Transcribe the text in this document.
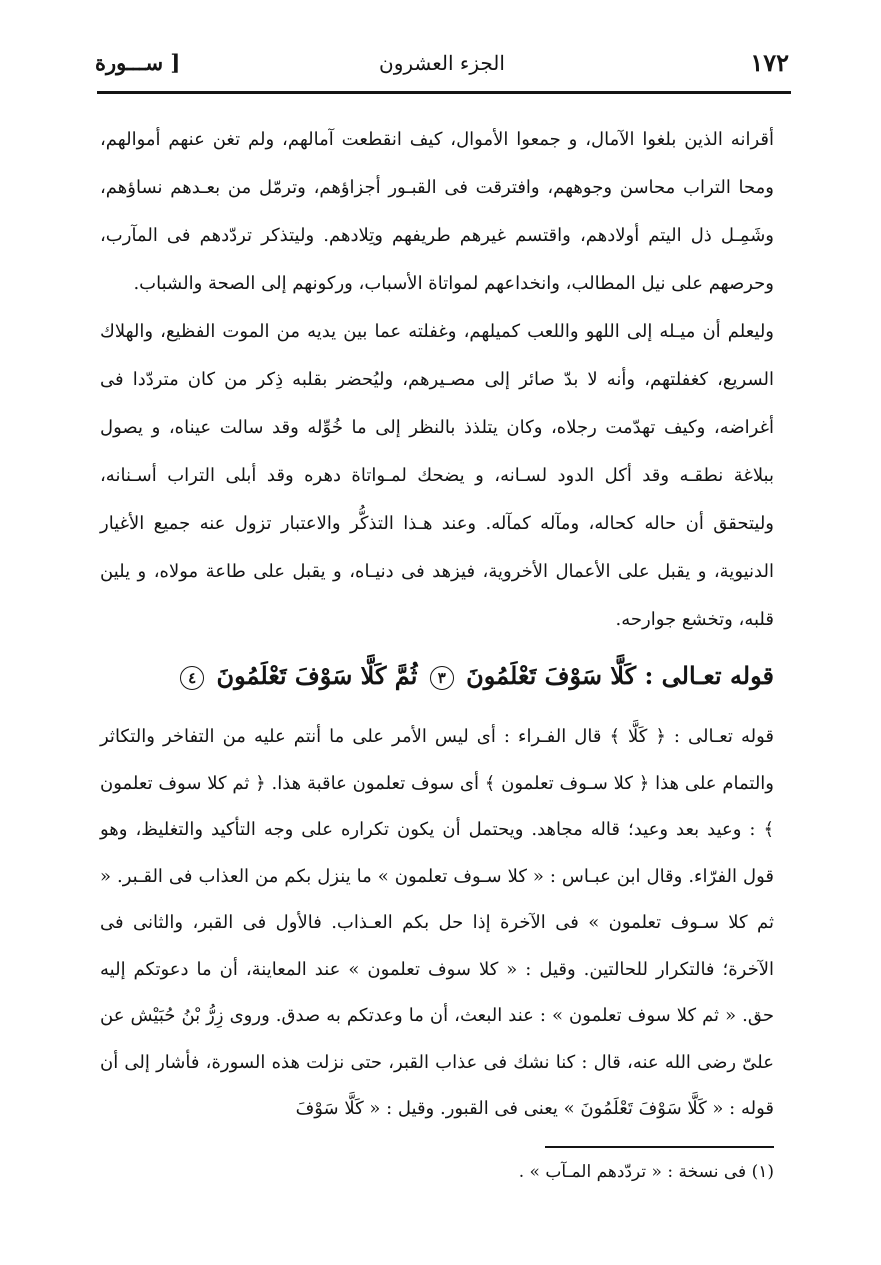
١٧٢
الجزء العشرون
[ ســـورة

أقرانه الذين بلغوا الآمال، و جمعوا الأموال، كيف انقطعت آمالهم، ولم تغن عنهم أموالهم، ومحا التراب محاسن وجوههم، وافترقت فى القبـور أجزاؤهم، وترمّل من بعـدهم نساؤهم، وشَمِـل ذل اليتم أولادهم، واقتسم غيرهم طريفهم وتِلادهم. وليتذكر تردّدهم فى المآرب، وحرصهم على نيل المطالب، وانخداعهم لمواتاة الأسباب، وركونهم إلى الصحة والشباب.

وليعلم أن ميـله إلى اللهو واللعب كميلهم، وغفلته عما بين يديه من الموت الفظيع، والهلاك السريع، كغفلتهم، وأنه لا بدّ صائر إلى مصـيرهم، وليُحضر بقلبه ذِكر من كان متردّدا فى أغراضه، وكيف تهدّمت رجلاه، وكان يتلذذ بالنظر إلى ما خُوِّله وقد سالت عيناه، و يصول ببلاغة نطقـه وقد أكل الدود لسـانه، و يضحك لمـواتاة دهره وقد أبلى التراب أسـنانه، وليتحقق أن حاله كحاله، ومآله كمآله. وعند هـذا التذكُّر والاعتبار تزول عنه جميع الأغيار الدنيوية، و يقبل على الأعمال الأخروية، فيزهد فى دنيـاه، و يقبل على طاعة مولاه، و يلين قلبه، وتخشع جوارحه.

قوله تعـالى : كَلَّا سَوْفَ تَعْلَمُونَ ٣ ثُمَّ كَلَّا سَوْفَ تَعْلَمُونَ ٤

قوله تعـالى : ﴿ كَلَّا ﴾ قال الفـراء : أى ليس الأمر على ما أنتم عليه من التفاخر والتكاثر والتمام على هذا ﴿ كلا سـوف تعلمون ﴾ أى سوف تعلمون عاقبة هذا. ﴿ ثم كلا سوف تعلمون ﴾ : وعيد بعد وعيد؛ قاله مجاهد. ويحتمل أن يكون تكراره على وجه التأكيد والتغليظ، وهو قول الفرّاء. وقال ابن عبـاس : « كلا سـوف تعلمون » ما ينزل بكم من العذاب فى القـبر. « ثم كلا سـوف تعلمون » فى الآخرة إذا حل بكم العـذاب. فالأول فى القبر، والثانى فى الآخرة؛ فالتكرار للحالتين. وقيل : « كلا سوف تعلمون » عند المعاينة، أن ما دعوتكم إليه حق. « ثم كلا سوف تعلمون » : عند البعث، أن ما وعدتكم به صدق. وروى زِرُّ بْنُ حُبَيْش عن علىّ رضى الله عنه، قال : كنا نشك فى عذاب القبر، حتى نزلت هذه السورة، فأشار إلى أن قوله : « كَلَّا سَوْفَ تَعْلَمُونَ » يعنى فى القبور. وقيل : « كَلَّا سَوْفَ

(١) فى نسخة : « تردّدهم المـآب » .
